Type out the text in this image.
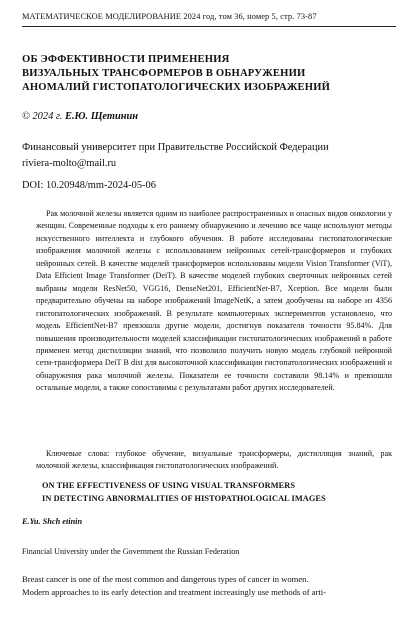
МАТЕМАТИЧЕСКОЕ МОДЕЛИРОВАНИЕ 2024 год, том 36, номер 5, стр. 73-87
ОБ ЭФФЕКТИВНОСТИ ПРИМЕНЕНИЯ
ВИЗУАЛЬНЫХ ТРАНСФОРМЕРОВ В ОБНАРУЖЕНИИ
АНОМАЛИЙ ГИСТОПАТОЛОГИЧЕСКИХ ИЗОБРАЖЕНИЙ
© 2024 г. Е.Ю. Щетинин
Финансовый университет при Правительстве Российской Федерации
riviera-molto@mail.ru
DOI: 10.20948/mm-2024-05-06
Рак молочной железы является одним из наиболее распространенных и опасных видов онкологии у женщин. Современные подходы к его раннему обнаружению и лечению все чаще используют методы искусственного интеллекта и глубокого обучения. В работе исследованы гистопатологические изображения молочной железы с использованием нейронных сетей-трансформеров и глубоких нейронных сетей. В качестве моделей трансформеров использованы модели Vision Transformer (ViT), Data Efficient Image Transformer (DeiT). В качестве моделей глубоких сверточных нейронных сетей выбраны модели ResNet50, VGG16, DenseNet201, EfficientNet-B7, Xception. Все модели были предварительно обучены на наборе изображений ImageNetK, а затем дообучены на наборе из 4356 гистопатологических изображений. В результате компьютерных экспериментов установлено, что модель EfficientNet-B7 превзошла другие модели, достигнув показателя точности 95.84%. Для повышения производительности моделей классификации гистопатологических изображений в работе применен метод дистилляции знаний, что позволило получить новую модель глубокой нейронной сети-трансформера DeiT B dist для высокоточной классификации гистопатологических изображений и обнаружения рака молочной железы. Показатели ее точности составили 98.14% и превзошли остальные модели, а также сопоставимы с результатами работ других исследователей.
Ключевые слова: глубокое обучение, визуальные трансформеры, дистилляция знаний, рак молочной железы, классификация гистопатологических изображений.
ON THE EFFECTIVENESS OF USING VISUAL TRANSFORMERS
IN DETECTING ABNORMALITIES OF HISTOPATHOLOGICAL IMAGES
E.Yu. Shch etinin
Financial University under the Government the Russian Federation
Breast cancer is one of the most common and dangerous types of cancer in women.
Modern approaches to its early detection and treatment increasingly use methods of arti-
